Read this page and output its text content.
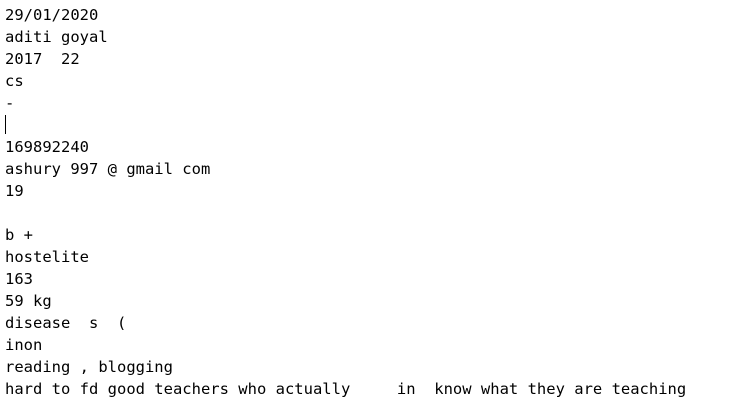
29/01/2020
aditi goyal
2017  22
cs
-
169892240
ashury 997 @ gmail com
19
b +
hostelite
163
59 kg
disease  s  (
inon
reading , blogging
hard to fd good teachers who actually     in  know what they are teaching
